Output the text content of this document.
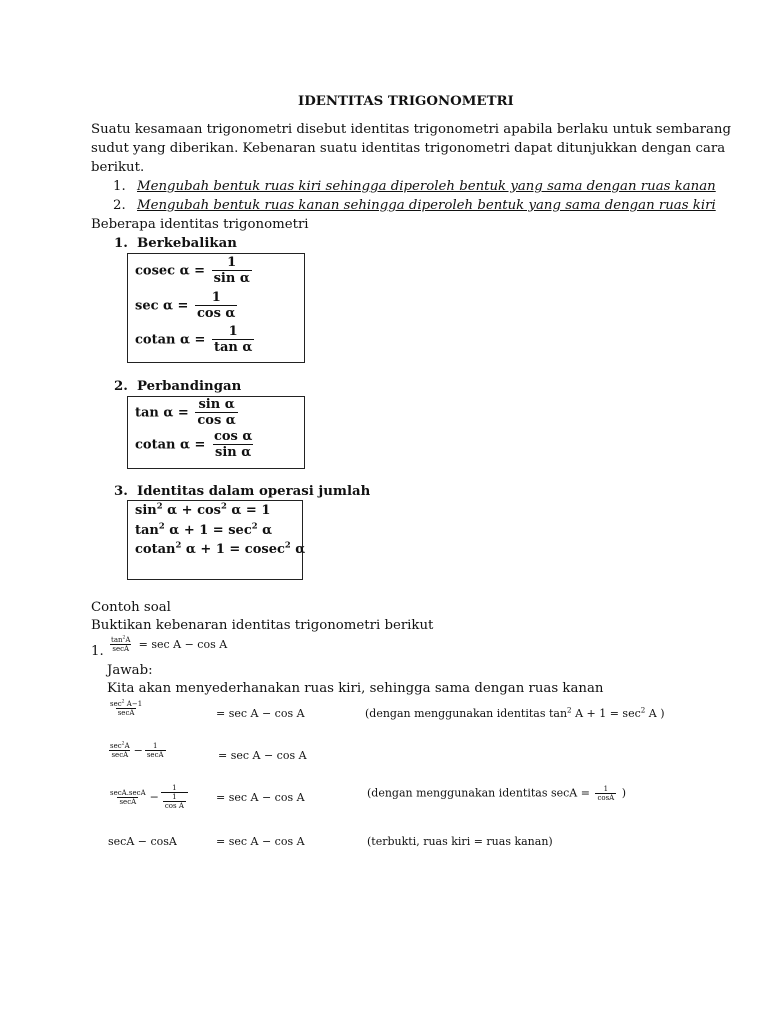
IDENTITAS TRIGONOMETRI
Suatu kesamaan trigonometri disebut identitas trigonometri apabila berlaku untuk sembarang
sudut yang diberikan. Kebenaran suatu identitas trigonometri dapat ditunjukkan dengan cara
berikut.
1. Mengubah bentuk ruas kiri sehingga diperoleh bentuk yang sama dengan ruas kanan
2. Mengubah bentuk ruas kanan sehingga diperoleh bentuk yang sama dengan ruas kiri
Beberapa identitas trigonometri
1. Berkebalikan
cosec $\alpha = \frac{1}{\text{sin α}}$
$\sec \alpha = \frac{1}{\text{cos α}}$
cotan $\alpha = \frac{1}{\text{tan α}}$
2. Perbandingan
$\tan \alpha = \frac{\text{sin α}}{\text{cos α}}$
cotan $\alpha = \frac{\text{cos α}}{\text{sin α}}$
3. Identitas dalam operasi jumlah
$\sin^2 \alpha + \cos^2 \alpha = 1$
$\tan^2 \alpha + 1 = \sec^2 \alpha$
cotan$^2$ α + 1 = cosec$^2$ α
Contoh soal
Buktikan kebenaran identitas trigonometri berikut
1. $\frac{\tan^2A}{\sec A} = \sec A - \cos A$
Jawab:
Kita akan menyederhanakan ruas kiri, sehingga sama dengan ruas kanan
$\frac{\sec^2 A-1}{\sec A}$	= sec A − cos A	(dengan menggunakan identitas $\tan^2 A + 1 = \sec^2 A$ )
$\frac{\sec^2A}{\sec A} - \frac{1}{\sec A}$	= sec A − cos A
$\frac{\sec A.\sec A}{\sec A} - \frac{1}{\frac{1}{\text{cos A}}}$	= sec A − cos A	(dengan menggunakan identitas $\sec A = \frac{1}{\cos A}$ )
secA − cosA	= sec A − cos A	(terbukti, ruas kiri = ruas kanan)
